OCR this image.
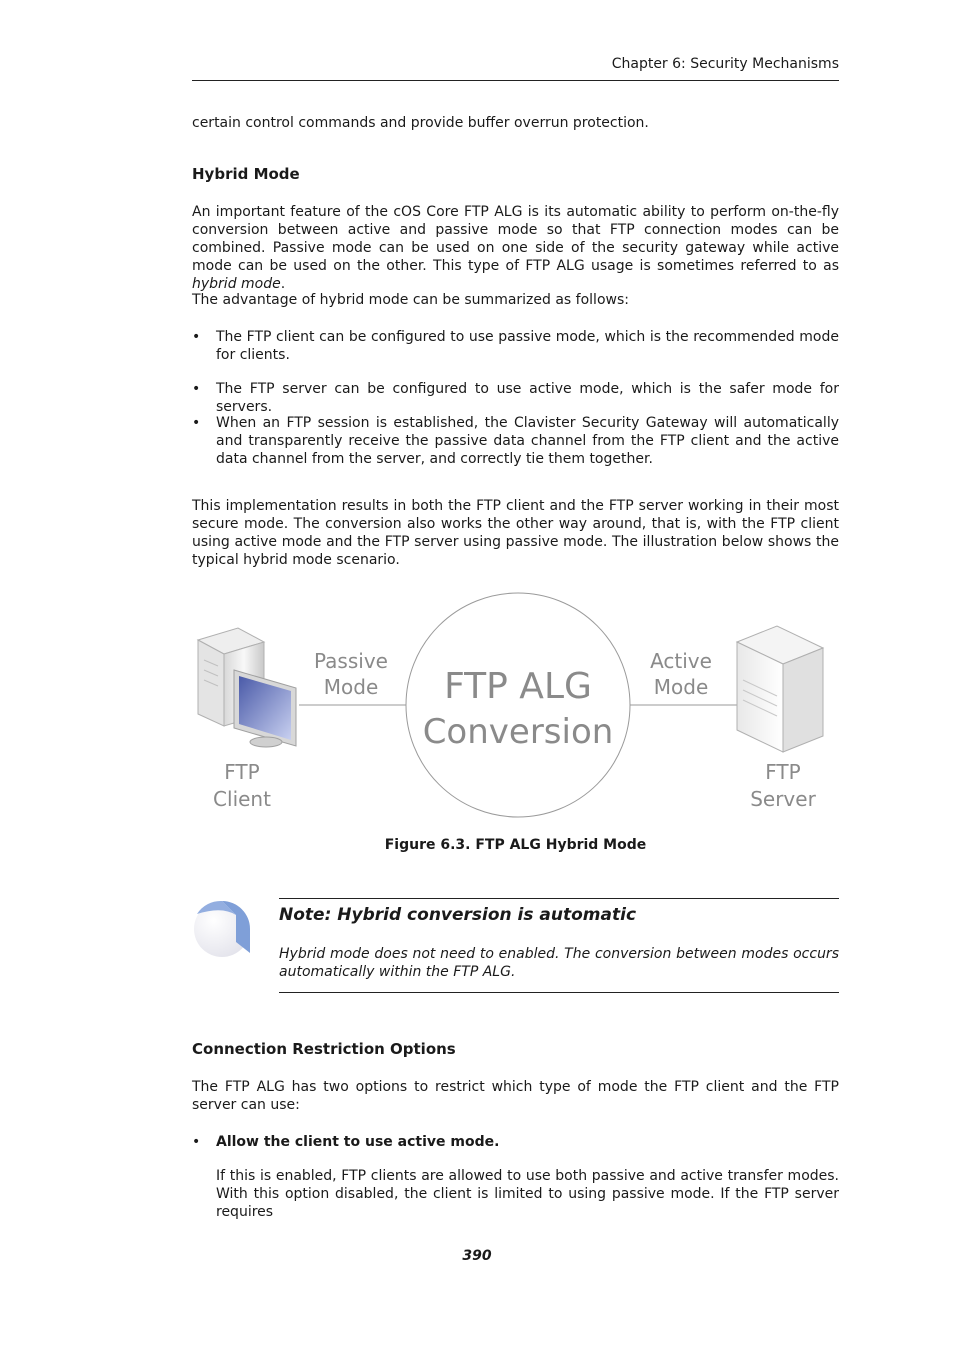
Chapter 6: Security Mechanisms

certain control commands and provide buffer overrun protection.

Hybrid Mode

An important feature of the cOS Core FTP ALG is its automatic ability to perform on-the-fly conversion between active and passive mode so that FTP connection modes can be combined. Passive mode can be used on one side of the security gateway while active mode can be used on the other. This type of FTP ALG usage is sometimes referred to as hybrid mode.

The advantage of hybrid mode can be summarized as follows:

• The FTP client can be configured to use passive mode, which is the recommended mode for clients.
• The FTP server can be configured to use active mode, which is the safer mode for servers.
• When an FTP session is established, the Clavister Security Gateway will automatically and transparently receive the passive data channel from the FTP client and the active data channel from the server, and correctly tie them together.

This implementation results in both the FTP client and the FTP server working in their most secure mode. The conversion also works the other way around, that is, with the FTP client using active mode and the FTP server using passive mode. The illustration below shows the typical hybrid mode scenario.

FTP ALG
Conversion
Passive
Mode
Active
Mode
FTP
Client
FTP
Server
Figure 6.3. FTP ALG Hybrid Mode
Note: Hybrid conversion is automatic

Hybrid mode does not need to enabled. The conversion between modes occurs automatically within the FTP ALG.

Connection Restriction Options

The FTP ALG has two options to restrict which type of mode the FTP client and the FTP server can use:

• Allow the client to use active mode.

If this is enabled, FTP clients are allowed to use both passive and active transfer modes. With this option disabled, the client is limited to using passive mode. If the FTP server requires

390
